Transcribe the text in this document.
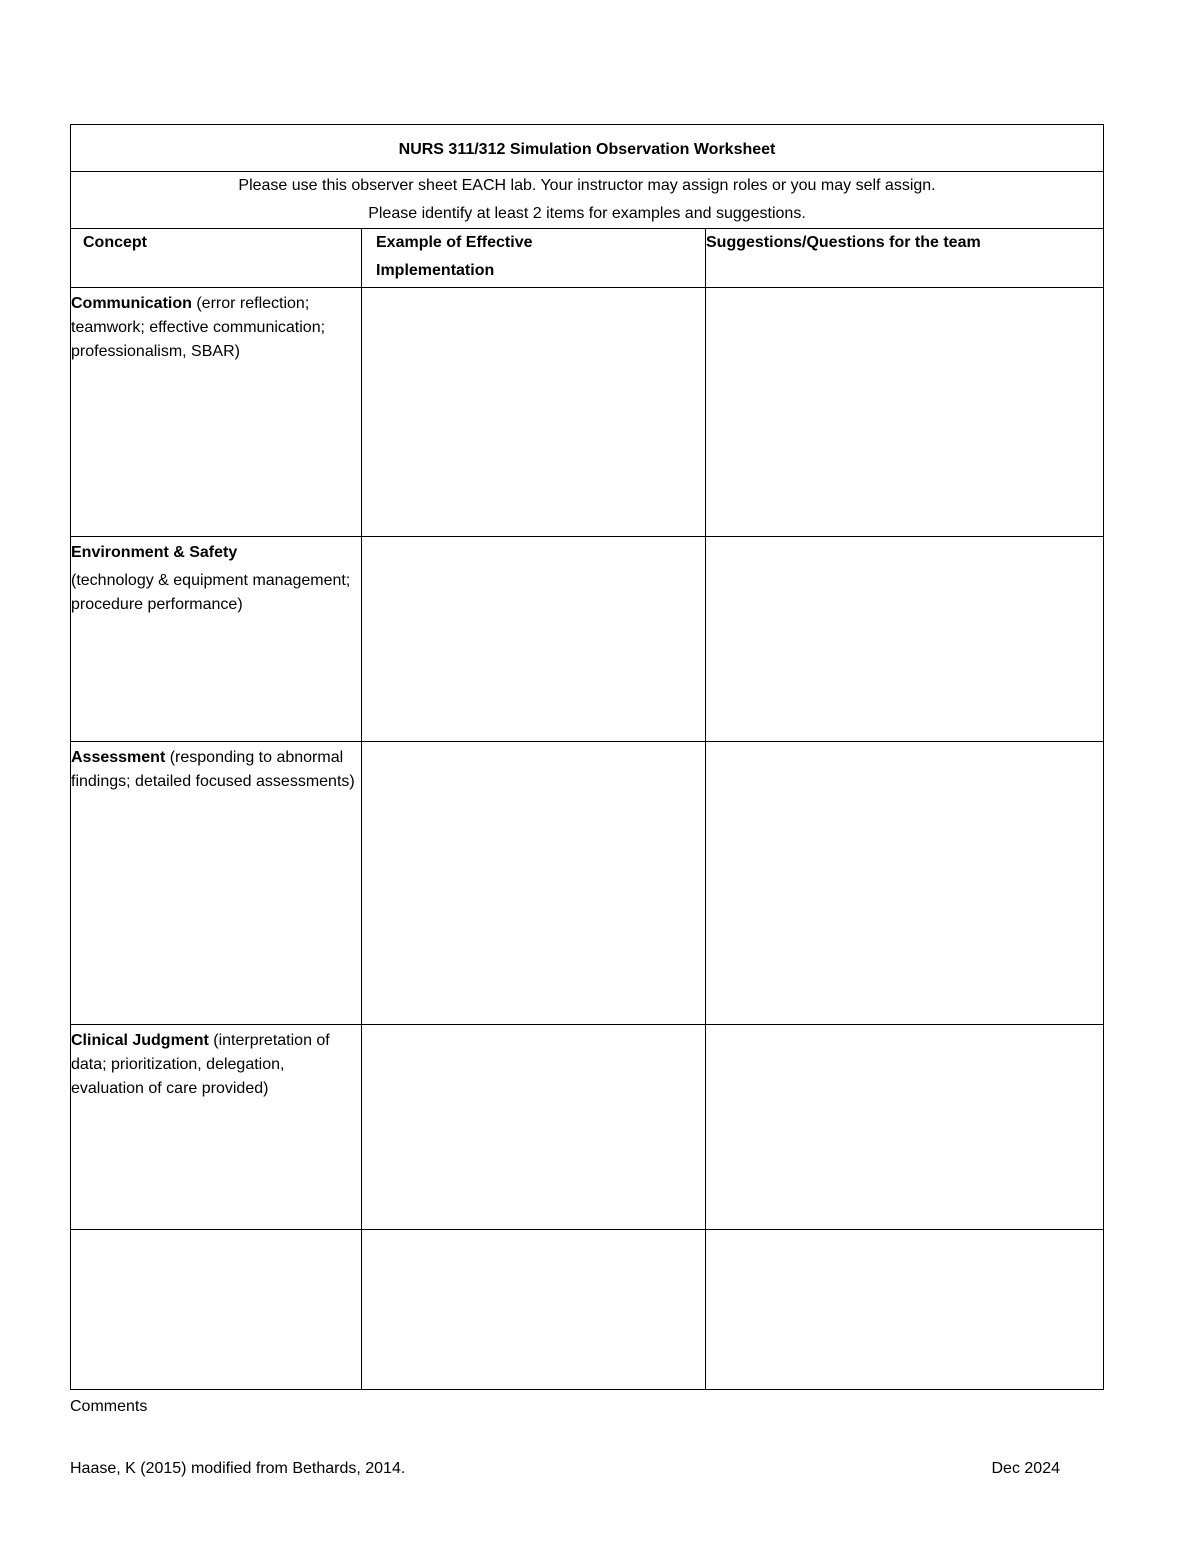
NURS 311/312 Simulation Observation Worksheet		

Please use this observer sheet EACH lab. Your instructor may assign roles or you may self assign.
Please identify at least 2 items for examples and suggestions.		

Concept	Example of Effective Implementation	Suggestions/Questions for the team
Communication (error reflection; teamwork; effective communication; professionalism, SBAR)		
Environment & Safety
(technology & equipment management; procedure performance)		

Assessment (responding to abnormal findings; detailed focused assessments)		
Clinical Judgment (interpretation of data; prioritization, delegation, evaluation of care provided)		

Comments
Haase, K (2015) modified from Bethards, 2014.	Dec 2024
